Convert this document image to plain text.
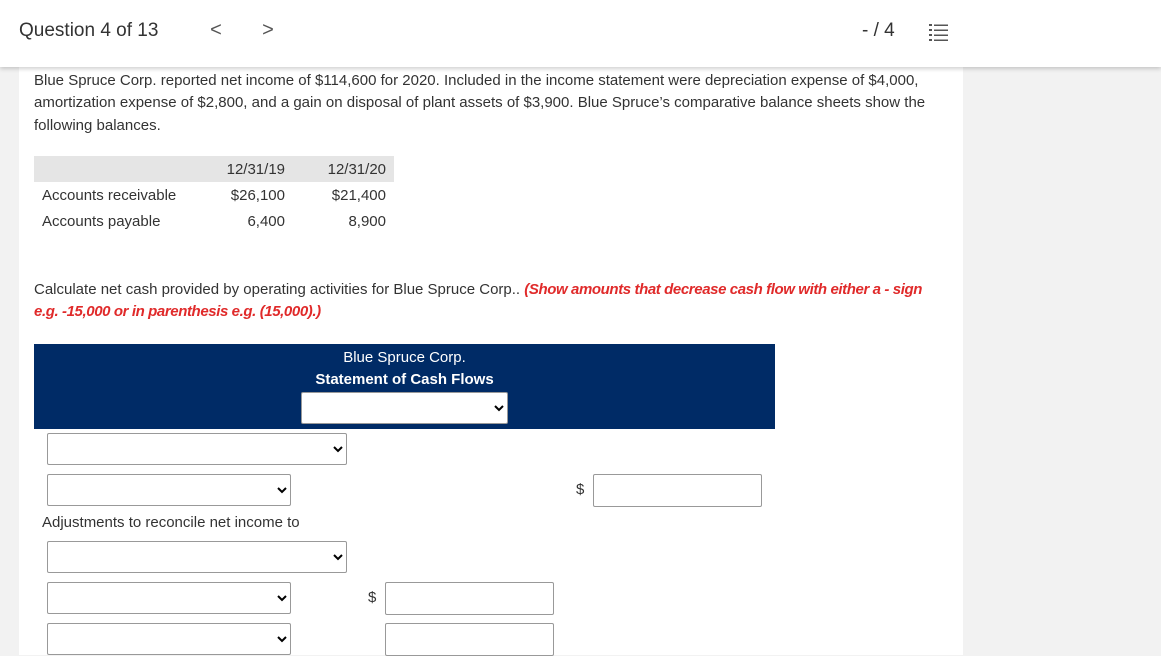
Question 4 of 13	< >	- / 4

Blue Spruce Corp. reported net income of $114,600 for 2020. Included in the income statement were depreciation expense of $4,000, amortization expense of $2,800, and a gain on disposal of plant assets of $3,900. Blue Spruce’s comparative balance sheets show the following balances.

	12/31/19	12/31/20
Accounts receivable	$26,100	$21,400
Accounts payable	6,400	8,900

Calculate net cash provided by operating activities for Blue Spruce Corp.. (Show amounts that decrease cash flow with either a - sign e.g. -15,000 or in parenthesis e.g. (15,000).)

Blue Spruce Corp.
Statement of Cash Flows
$
Adjustments to reconcile net income to
$
